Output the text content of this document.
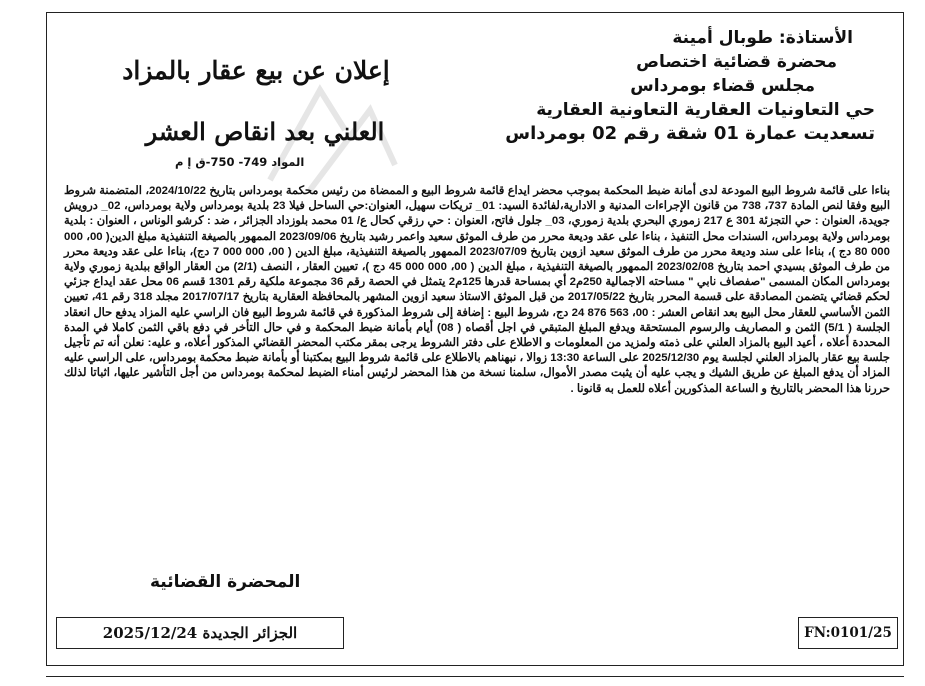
الأستاذة: طوبال أمينة
محضرة قضائية اختصاص
مجلس قضاء بومرداس
حي التعاونيات العقارية التعاونية العقارية
تسعديت عمارة 01 شقة رقم 02 بومرداس
إعلان عن بيع عقار بالمزاد
العلني بعد انقاص العشر
المواد 749- 750-ق إ م
بناءا على قائمة شروط البيع المودعة لدى أمانة ضبط المحكمة بموجب محضر ايداع قائمة شروط البيع و الممضاة من رئيس محكمة بومرداس بتاريخ 2024/10/22، المتضمنة شروط البيع وفقا لنص المادة 737، 738 من قانون الإجراءات المدنية و الادارية،لفائدة السيد: 01_ تريكات سهيل، العنوان:حي الساحل فيلا 23 بلدية بومرداس ولاية بومرداس، 02_ درويش جويدة، العنوان : حي التجزئة 301 ع 217 زموري البحري بلدية زموري، 03_ جلول فاتح، العنوان : حي رزقي كحال ع/ 01 محمد بلوزداد الجزائر ، ضد : كرشو الوناس ، العنوان : بلدية بومرداس ولاية بومرداس، السندات محل التنفيذ ، بناءا على عقد وديعة محرر من طرف الموثق سعيد واعمر رشيد بتاريخ 2023/09/06 الممهور بالصيغة التنفيذية مبلغ الدين( 00، 000 000 80 دج )، بناءا على سند وديعة محرر من طرف الموثق سعيد ازوين بتاريخ 2023/07/09 الممهور بالصيغة التنفيذية، مبلغ الدين ( 00، 000 000 7 دج)، بناءا على عقد وديعة محرر من طرف الموثق بسيدي احمد بتاريخ 2023/02/08 الممهور بالصيغة التنفيذية ، مبلغ الدين ( 00، 000 000 45 دج )، تعيين العقار ، النصف (2/1) من العقار الواقع ببلدية زموري ولاية بومرداس المكان المسمى "صفصاف نابي " مساحته الاجمالية 250م2 أي بمساحة قدرها 125م2 يتمثل في الحصة رقم 36 مجموعة ملكية رقم 1301 قسم 06 محل عقد ايداع جزئي لحكم قضائي يتضمن المصادقة على قسمة المحرر بتاريخ 2017/05/22 من قبل الموثق الاستاذ سعيد ازوين المشهر بالمحافظة العقارية بتاريخ 2017/07/17 مجلد 318 رقم 41، تعيين الثمن الأساسي للعقار محل البيع بعد انقاص العشر : 00، 563 876 24 دج، شروط البيع : إضافة إلى شروط المذكورة في قائمة شروط البيع فان الراسي عليه المزاد يدفع حال انعقاد الجلسة ( 5/1) الثمن و المصاريف والرسوم المستحقة ويدفع المبلغ المتبقي في اجل أقصاه ( 08) أيام بأمانة ضبط المحكمة و في حال التأخر في دفع باقي الثمن كاملا في المدة المحددة أعلاه ، أعيد البيع بالمزاد العلني على ذمته ولمزيد من المعلومات و الاطلاع على دفتر الشروط يرجى بمقر مكتب المحضر القضائي المذكور أعلاه، و عليه: نعلن أنه تم تأجيل جلسة بيع عقار بالمزاد العلني لجلسة يوم 2025/12/30 على الساعة 13:30 زوالا ، نبهناهم بالاطلاع على قائمة شروط البيع بمكتبنا أو بأمانة ضبط محكمة بومرداس، على الراسي عليه المزاد أن يدفع المبلغ عن طريق الشيك و يجب عليه أن يثبت مصدر الأموال، سلمنا نسخة من هذا المحضر لرئيس أمناء الضبط لمحكمة بومرداس من أجل التأشير عليها، اثباتا لذلك حررنا هذا المحضر بالتاريخ و الساعة المذكورين أعلاه للعمل به قانونا .
المحضرة القضائية
الجزائر الجديدة 2025/12/24	FN:0101/25
